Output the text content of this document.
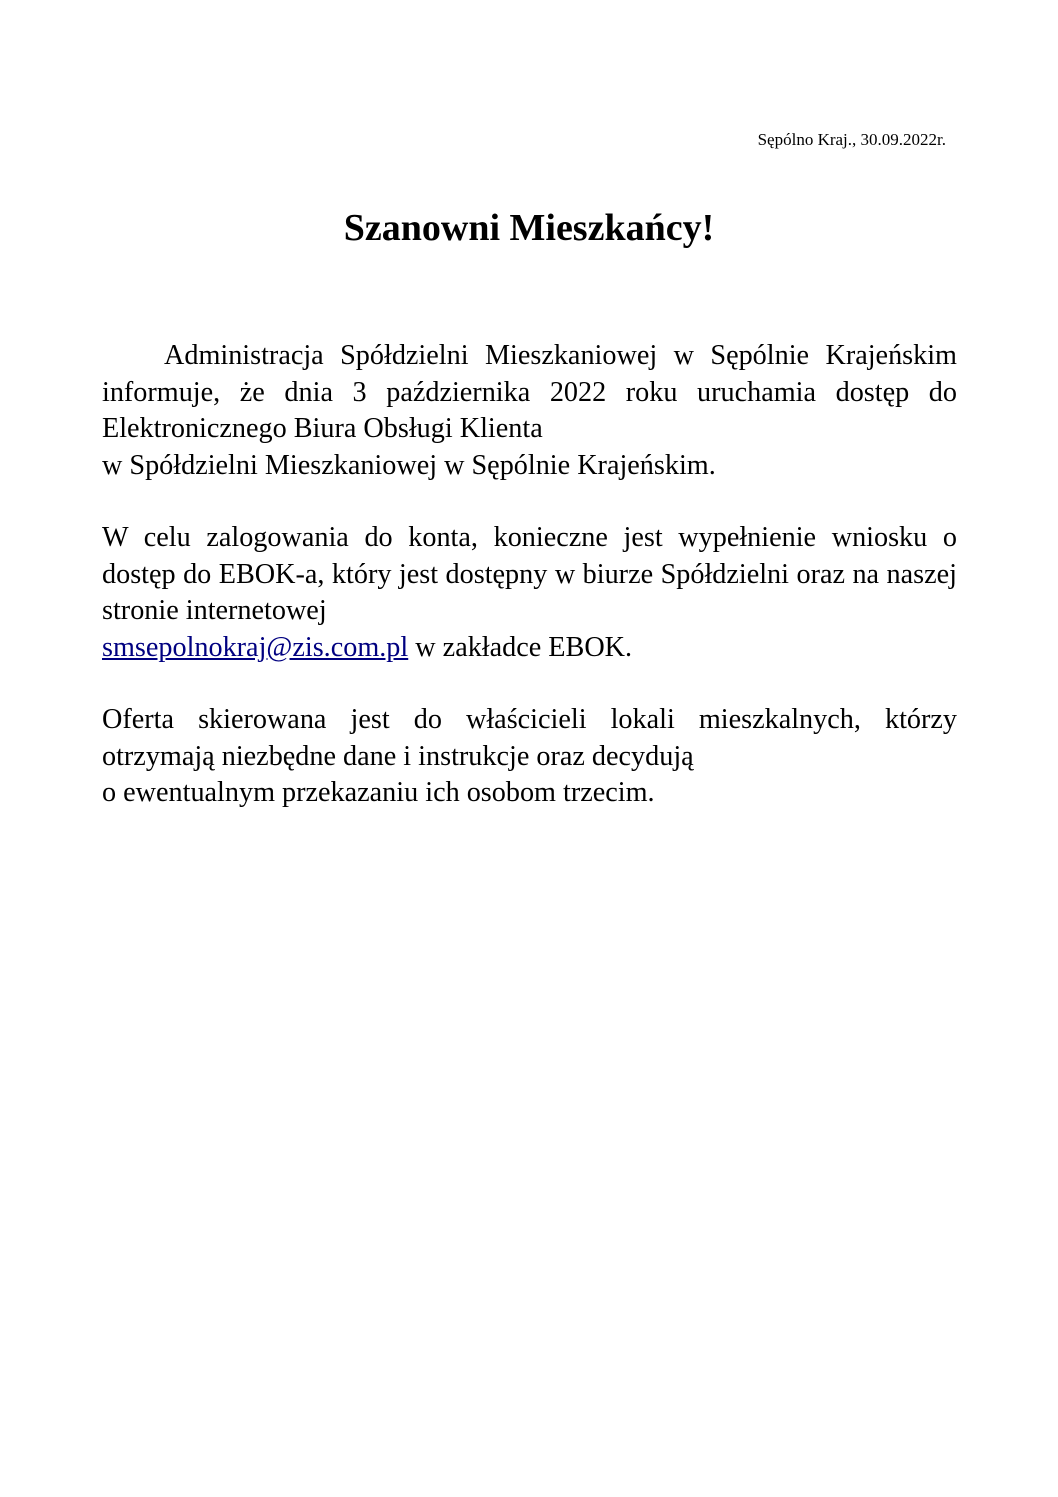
Sępólno Kraj., 30.09.2022r.
Szanowni Mieszkańcy!

Administracja Spółdzielni Mieszkaniowej w Sępólnie Krajeńskim informuje, że dnia 3 października 2022 roku uruchamia dostęp do Elektronicznego Biura Obsługi Klienta
w Spółdzielni Mieszkaniowej w Sępólnie Krajeńskim.

W celu zalogowania do konta, konieczne jest wypełnienie wniosku o dostęp do EBOK-a, który jest dostępny w biurze Spółdzielni oraz na naszej stronie internetowej
smsepolnokraj@zis.com.pl w zakładce EBOK.

Oferta skierowana jest do właścicieli lokali mieszkalnych, którzy otrzymają niezbędne dane i instrukcje oraz decydują
o ewentualnym przekazaniu ich osobom trzecim.
